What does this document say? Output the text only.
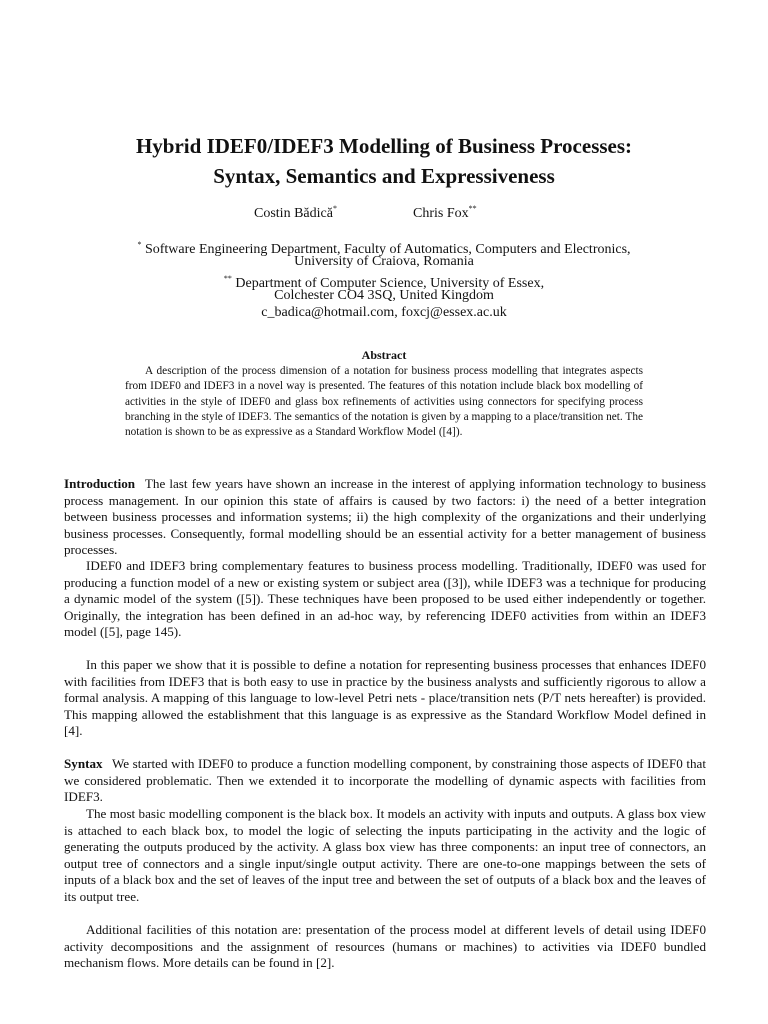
Hybrid IDEF0/IDEF3 Modelling of Business Processes:
Syntax, Semantics and Expressiveness
Costin Bădică*	Chris Fox**
* Software Engineering Department, Faculty of Automatics, Computers and Electronics,
University of Craiova, Romania
** Department of Computer Science, University of Essex,
Colchester CO4 3SQ, United Kingdom
c_badica@hotmail.com, foxcj@essex.ac.uk
Abstract

A description of the process dimension of a notation for business process modelling that integrates aspects from IDEF0 and IDEF3 in a novel way is presented. The features of this notation include black box modelling of activities in the style of IDEF0 and glass box refinements of activities using connectors for specifying process branching in the style of IDEF3. The semantics of the notation is given by a mapping to a place/transition net. The notation is shown to be as expressive as a Standard Workflow Model ([4]).

Introduction The last few years have shown an increase in the interest of applying information technology to business process management. In our opinion this state of affairs is caused by two factors: i) the need of a better integration between business processes and information systems; ii) the high complexity of the organizations and their underlying business processes. Consequently, formal modelling should be an essential activity for a better management of business processes.

IDEF0 and IDEF3 bring complementary features to business process modelling. Traditionally, IDEF0 was used for producing a function model of a new or existing system or subject area ([3]), while IDEF3 was a technique for producing a dynamic model of the system ([5]). These techniques have been proposed to be used either independently or together. Originally, the integration has been defined in an ad-hoc way, by referencing IDEF0 activities from within an IDEF3 model ([5], page 145).

In this paper we show that it is possible to define a notation for representing business processes that enhances IDEF0 with facilities from IDEF3 that is both easy to use in practice by the business analysts and sufficiently rigorous to allow a formal analysis. A mapping of this language to low-level Petri nets - place/transition nets (P/T nets hereafter) is provided. This mapping allowed the establishment that this language is as expressive as the Standard Workflow Model defined in [4].

Syntax We started with IDEF0 to produce a function modelling component, by constraining those aspects of IDEF0 that we considered problematic. Then we extended it to incorporate the modelling of dynamic aspects with facilities from IDEF3.

The most basic modelling component is the black box. It models an activity with inputs and outputs. A glass box view is attached to each black box, to model the logic of selecting the inputs participating in the activity and the logic of generating the outputs produced by the activity. A glass box view has three components: an input tree of connectors, an output tree of connectors and a single input/single output activity. There are one-to-one mappings between the sets of inputs of a black box and the set of leaves of the input tree and between the set of outputs of a black box and the leaves of its output tree.

Additional facilities of this notation are: presentation of the process model at different levels of detail using IDEF0 activity decompositions and the assignment of resources (humans or machines) to activities via IDEF0 bundled mechanism flows. More details can be found in [2].
